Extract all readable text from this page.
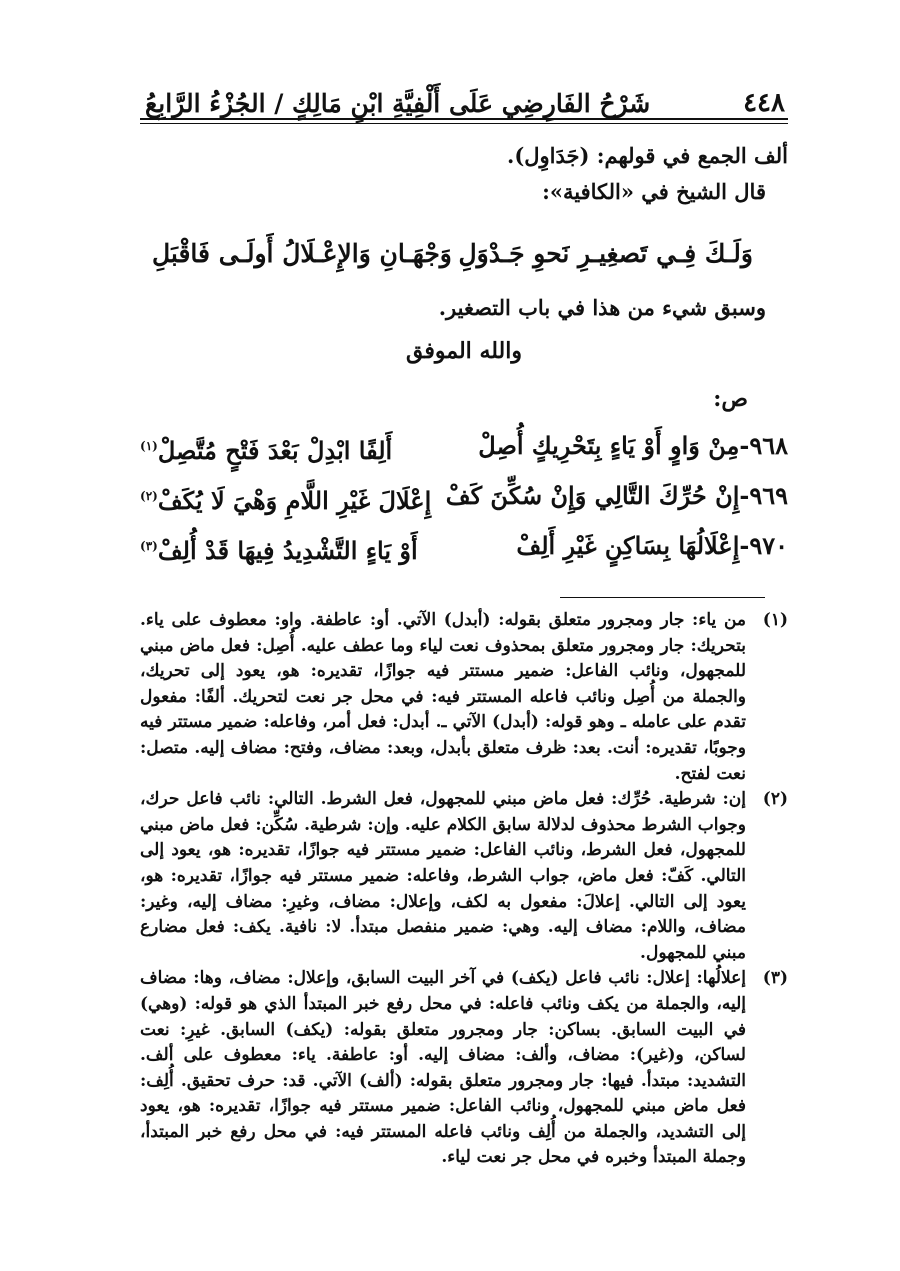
٤٤٨
شَرْحُ الفَارِضِي عَلَى أَلْفِيَّةِ ابْنِ مَالِكٍ / الجُزْءُ الرَّابِعُ

ألف الجمع في قولهم: (جَدَاوِل).

قال الشيخ في «الكافية»:

وَلَـكَ فِـي تَصغِيـرِ نَحوِ جَـدْوَلِ
وَجْهَـانِ وَالإِعْـلَالُ أَولَـى فَاقْبَلِ

وسبق شيء من هذا في باب التصغير.

والله الموفق
ص:
٩٦٨-مِنْ وَاوٍ أَوْ يَاءٍ بِتَحْرِيكٍ أُصِلْ
أَلِفًا ابْدِلْ بَعْدَ فَتْحٍ مُتَّصِلْ$^{(١)}$
٩٦٩-إِنْ حُرِّكَ التَّالِي وَإِنْ سُكِّنَ كَفْ
إِعْلَالَ غَيْرِ اللَّامِ وَهْيَ لَا يُكَفْ$^{(٢)}$
٩٧٠-إِعْلَالُهَا بِسَاكِنٍ غَيْرِ أَلِفْ
أَوْ يَاءٍ التَّشْدِيدُ فِيهَا قَدْ أُلِفْ$^{(٣)}$

(١)
من ياء: جار ومجرور متعلق بقوله: (أبدل) الآتي. أو: عاطفة. واو: معطوف على ياء. بتحريك: جار ومجرور متعلق بمحذوف نعت لياء وما عطف عليه. أُصِل: فعل ماض مبني للمجهول، ونائب الفاعل: ضمير مستتر فيه جوازًا، تقديره: هو، يعود إلى تحريك، والجملة من أُصِل ونائب فاعله المستتر فيه: في محل جر نعت لتحريك. ألفًا: مفعول تقدم على عامله ـ وهو قوله: (أبدل) الآتي ـ. أبدل: فعل أمر، وفاعله: ضمير مستتر فيه وجوبًا، تقديره: أنت. بعد: ظرف متعلق بأبدل، وبعد: مضاف، وفتح: مضاف إليه. متصل: نعت لفتح.

(٢)
إن: شرطية. حُرِّك: فعل ماض مبني للمجهول، فعل الشرط. التالي: نائب فاعل حرك، وجواب الشرط محذوف لدلالة سابق الكلام عليه. وإن: شرطية. سُكِّن: فعل ماض مبني للمجهول، فعل الشرط، ونائب الفاعل: ضمير مستتر فيه جوازًا، تقديره: هو، يعود إلى التالي. كَفّ: فعل ماض، جواب الشرط، وفاعله: ضمير مستتر فيه جوازًا، تقديره: هو، يعود إلى التالي. إعلالَ: مفعول به لكف، وإعلال: مضاف، وغيرِ: مضاف إليه، وغير: مضاف، واللام: مضاف إليه. وهي: ضمير منفصل مبتدأ. لا: نافية. يكف: فعل مضارع مبني للمجهول.

(٣)
إعلالُها: إعلال: نائب فاعل (يكف) في آخر البيت السابق، وإعلال: مضاف، وها: مضاف إليه، والجملة من يكف ونائب فاعله: في محل رفع خبر المبتدأ الذي هو قوله: (وهي) في البيت السابق. بساكن: جار ومجرور متعلق بقوله: (يكف) السابق. غيرِ: نعت لساكن، و(غير): مضاف، وألف: مضاف إليه. أو: عاطفة. ياء: معطوف على ألف. التشديد: مبتدأ. فيها: جار ومجرور متعلق بقوله: (ألف) الآتي. قد: حرف تحقيق. أُلِف: فعل ماض مبني للمجهول، ونائب الفاعل: ضمير مستتر فيه جوازًا، تقديره: هو، يعود إلى التشديد، والجملة من أُلِف ونائب فاعله المستتر فيه: في محل رفع خبر المبتدأ، وجملة المبتدأ وخبره في محل جر نعت لياء.
